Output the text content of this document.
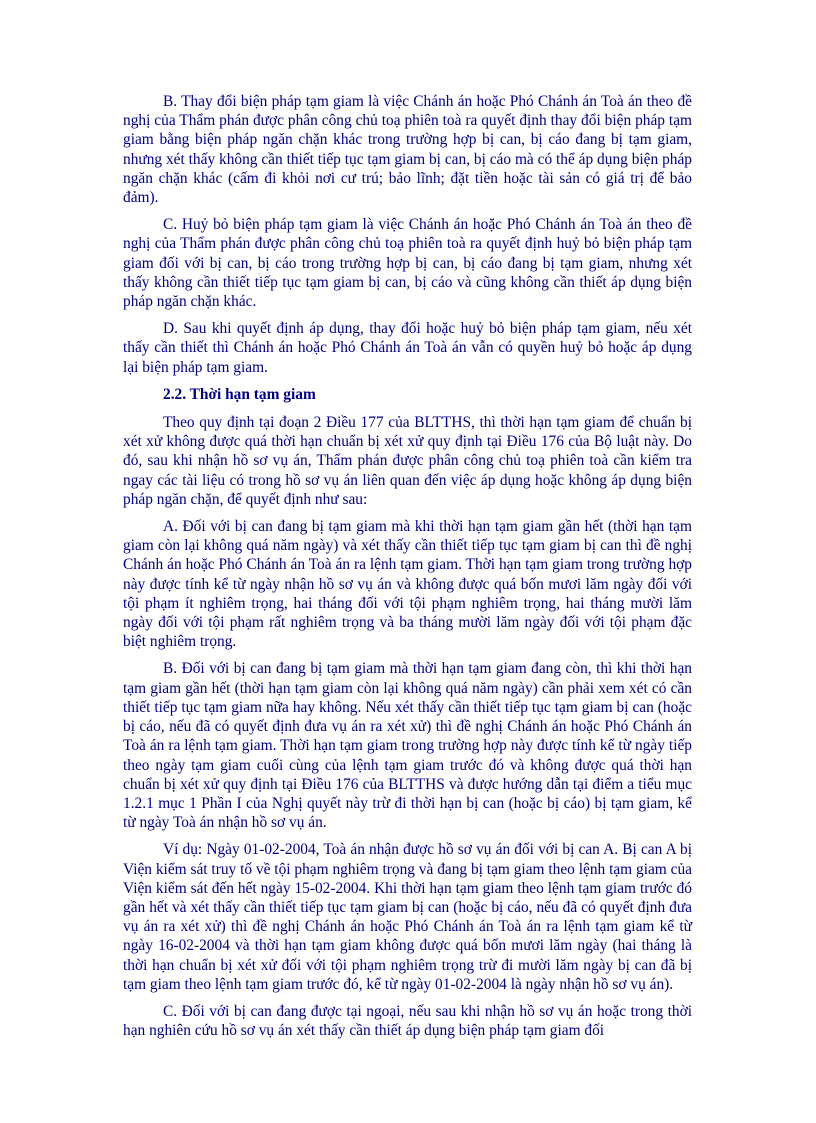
B. Thay đổi biện pháp tạm giam là việc Chánh án hoặc Phó Chánh án Toà án theo đề nghị của Thẩm phán được phân công chủ toạ phiên toà ra quyết định thay đổi biện pháp tạm giam bằng biện pháp ngăn chặn khác trong trường hợp bị can, bị cáo đang bị tạm giam, nhưng xét thấy không cần thiết tiếp tục tạm giam bị can, bị cáo mà có thể áp dụng biện pháp ngăn chặn khác (cấm đi khỏi nơi cư trú; bảo lĩnh; đặt tiền hoặc tài sản có giá trị để bảo đảm).

C. Huỷ bỏ biện pháp tạm giam là việc Chánh án hoặc Phó Chánh án Toà án theo đề nghị của Thẩm phán được phân công chủ toạ phiên toà ra quyết định huỷ bỏ biện pháp tạm giam đối với bị can, bị cáo trong trường hợp bị can, bị cáo đang bị tạm giam, nhưng xét thấy không cần thiết tiếp tục tạm giam bị can, bị cáo và cũng không cần thiết áp dụng biện pháp ngăn chặn khác.

D. Sau khi quyết định áp dụng, thay đổi hoặc huỷ bỏ biện pháp tạm giam, nếu xét thấy cần thiết thì Chánh án hoặc Phó Chánh án Toà án vẫn có quyền huỷ bỏ hoặc áp dụng lại biện pháp tạm giam.

2.2. Thời hạn tạm giam

Theo quy định tại đoạn 2 Điều 177 của BLTTHS, thì thời hạn tạm giam để chuẩn bị xét xử không được quá thời hạn chuẩn bị xét xử quy định tại Điều 176 của Bộ luật này. Do đó, sau khi nhận hồ sơ vụ án, Thẩm phán được phân công chủ toạ phiên toà cần kiểm tra ngay các tài liệu có trong hồ sơ vụ án liên quan đến việc áp dụng hoặc không áp dụng biện pháp ngăn chặn, để quyết định như sau:

A. Đối với bị can đang bị tạm giam mà khi thời hạn tạm giam gần hết (thời hạn tạm giam còn lại không quá năm ngày) và xét thấy cần thiết tiếp tục tạm giam bị can thì đề nghị Chánh án hoặc Phó Chánh án Toà án ra lệnh tạm giam. Thời hạn tạm giam trong trường hợp này được tính kể từ ngày nhận hồ sơ vụ án và không được quá bốn mươi lăm ngày đối với tội phạm ít nghiêm trọng, hai tháng đối với tội phạm nghiêm trọng, hai tháng mười lăm ngày đối với tội phạm rất nghiêm trọng và ba tháng mười lăm ngày đối với tội phạm đặc biệt nghiêm trọng.

B. Đối với bị can đang bị tạm giam mà thời hạn tạm giam đang còn, thì khi thời hạn tạm giam gần hết (thời hạn tạm giam còn lại không quá năm ngày) cần phải xem xét có cần thiết tiếp tục tạm giam nữa hay không. Nếu xét thấy cần thiết tiếp tục tạm giam bị can (hoặc bị cáo, nếu đã có quyết định đưa vụ án ra xét xử) thì đề nghị Chánh án hoặc Phó Chánh án Toà án ra lệnh tạm giam. Thời hạn tạm giam trong trường hợp này được tính kể từ ngày tiếp theo ngày tạm giam cuối cùng của lệnh tạm giam trước đó và không được quá thời hạn chuẩn bị xét xử quy định tại Điều 176 của BLTTHS và được hướng dẫn tại điểm a tiểu mục 1.2.1 mục 1 Phần I của Nghị quyết này trừ đi thời hạn bị can (hoặc bị cáo) bị tạm giam, kể từ ngày Toà án nhận hồ sơ vụ án.

Ví dụ: Ngày 01-02-2004, Toà án nhận được hồ sơ vụ án đối với bị can A. Bị can A bị Viện kiểm sát truy tố về tội phạm nghiêm trọng và đang bị tạm giam theo lệnh tạm giam của Viện kiểm sát đến hết ngày 15-02-2004. Khi thời hạn tạm giam theo lệnh tạm giam trước đó gần hết và xét thấy cần thiết tiếp tục tạm giam bị can (hoặc bị cáo, nếu đã có quyết định đưa vụ án ra xét xử) thì đề nghị Chánh án hoặc Phó Chánh án Toà án ra lệnh tạm giam kể từ ngày 16-02-2004 và thời hạn tạm giam không được quá bốn mươi lăm ngày (hai tháng là thời hạn chuẩn bị xét xử đối với tội phạm nghiêm trọng trừ đi mười lăm ngày bị can đã bị tạm giam theo lệnh tạm giam trước đó, kể từ ngày 01-02-2004 là ngày nhận hồ sơ vụ án).

C. Đối với bị can đang được tại ngoại, nếu sau khi nhận hồ sơ vụ án hoặc trong thời hạn nghiên cứu hồ sơ vụ án xét thấy cần thiết áp dụng biện pháp tạm giam đối
